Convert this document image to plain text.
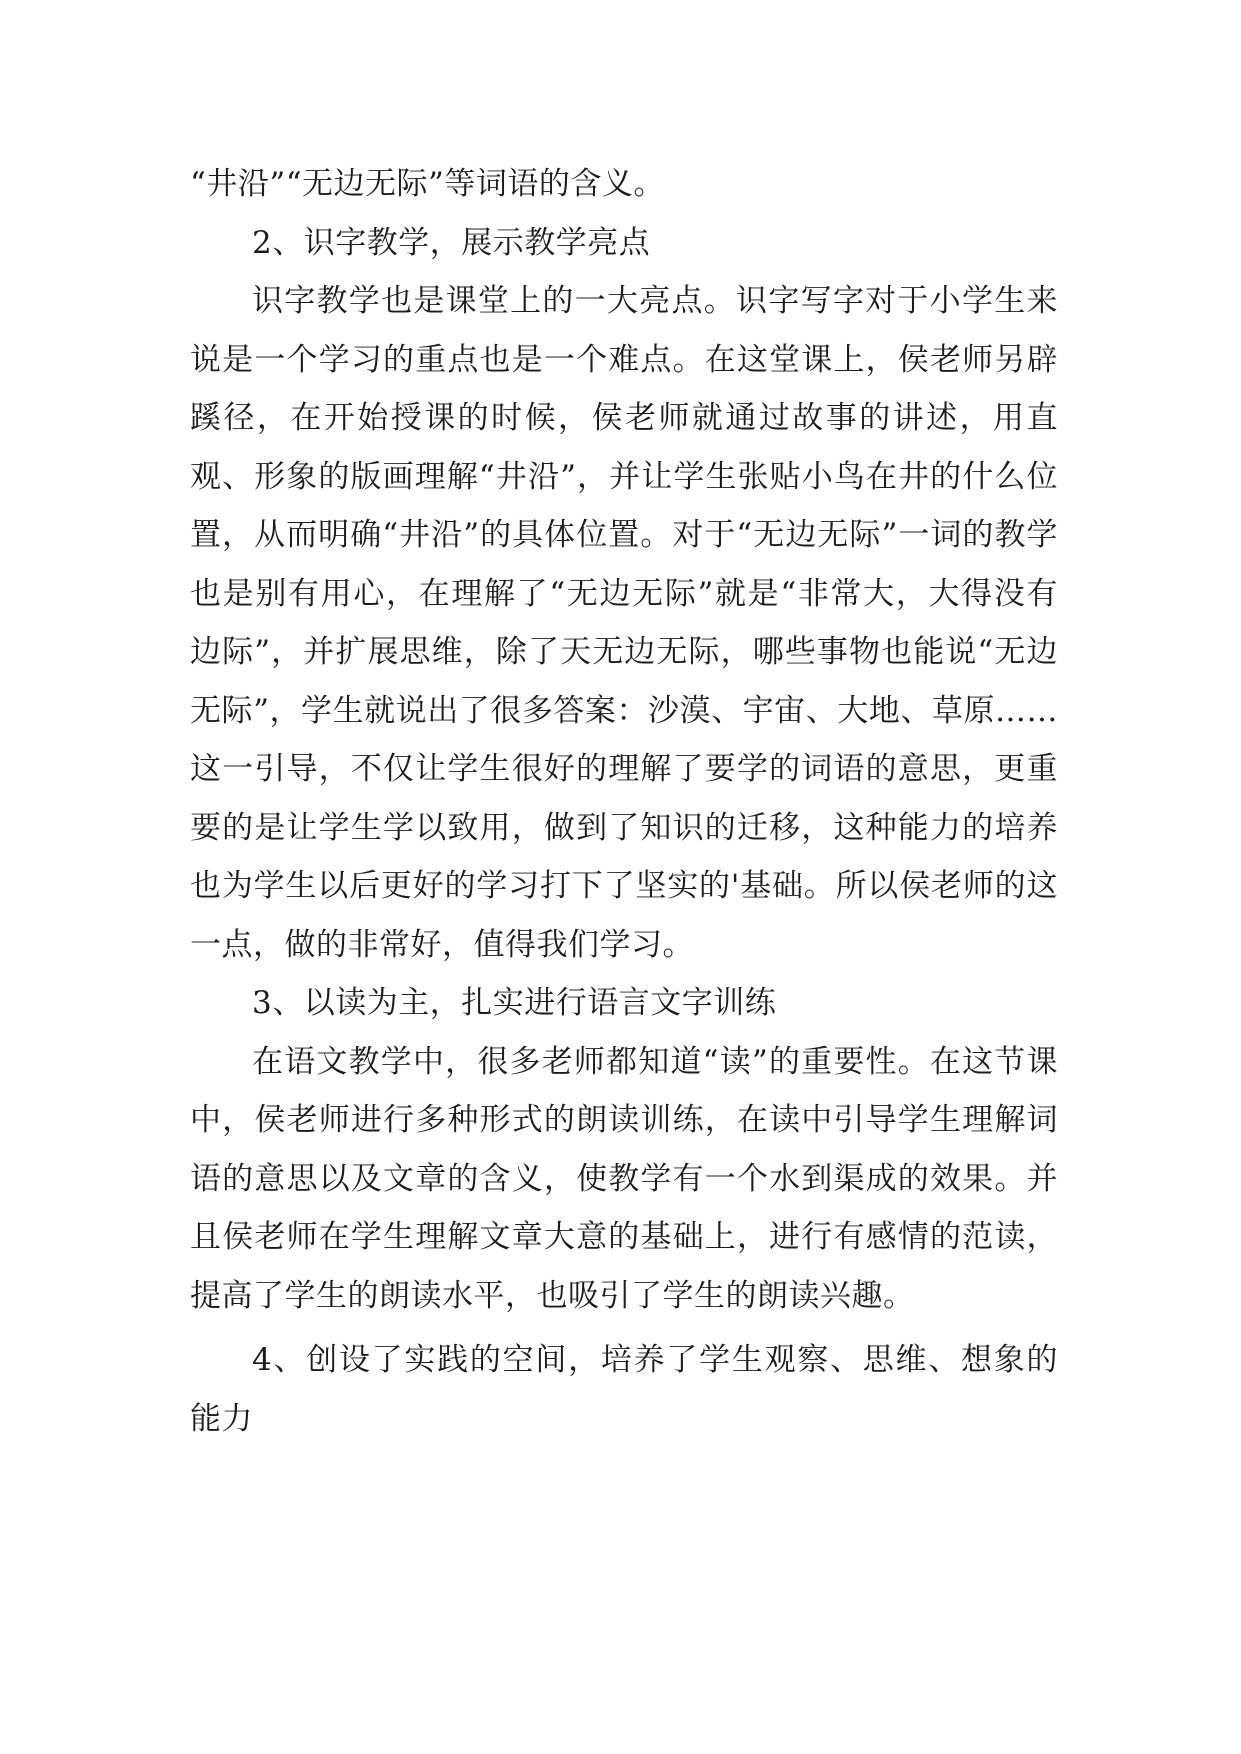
“井沿”“无边无际”等词语的含义。

2、识字教学，展示教学亮点

识字教学也是课堂上的一大亮点。识字写字对于小学生来说是一个学习的重点也是一个难点。在这堂课上，侯老师另辟蹊径，在开始授课的时候，侯老师就通过故事的讲述，用直观、形象的版画理解“井沿”，并让学生张贴小鸟在井的什么位置，从而明确“井沿”的具体位置。对于“无边无际”一词的教学也是别有用心，在理解了“无边无际”就是“非常大，大得没有边际”，并扩展思维，除了天无边无际，哪些事物也能说“无边无际”，学生就说出了很多答案：沙漠、宇宙、大地、草原……这一引导，不仅让学生很好的理解了要学的词语的意思，更重要的是让学生学以致用，做到了知识的迁移，这种能力的培养也为学生以后更好的学习打下了坚实的'基础。所以侯老师的这一点，做的非常好，值得我们学习。

3、以读为主，扎实进行语言文字训练

在语文教学中，很多老师都知道“读”的重要性。在这节课中，侯老师进行多种形式的朗读训练，在读中引导学生理解词语的意思以及文章的含义，使教学有一个水到渠成的效果。并且侯老师在学生理解文章大意的基础上，进行有感情的范读，提高了学生的朗读水平，也吸引了学生的朗读兴趣。

4、创设了实践的空间，培养了学生观察、思维、想象的能力
